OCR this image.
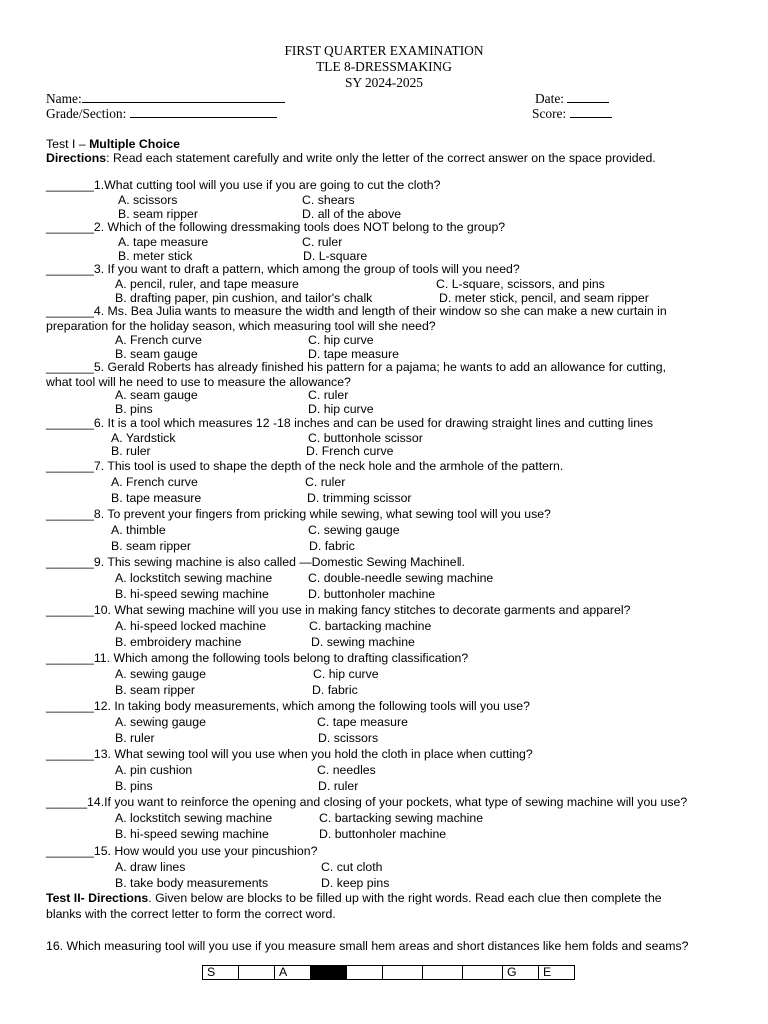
FIRST QUARTER EXAMINATION
TLE 8-DRESSMAKING
SY 2024-2025
Name:	Date:
Grade/Section:	Score:
Test I – Multiple Choice
Directions: Read each statement carefully and write only the letter of the correct answer on the space provided.
_______1.What cutting tool will you use if you are going to cut the cloth?
A. scissors
B. seam ripper
C. shears
D. all of the above
_______2. Which of the following dressmaking tools does NOT belong to the group?
A. tape measure
B. meter stick
C. ruler
D. L-square
_______3. If you want to draft a pattern, which among the group of tools will you need?
A. pencil, ruler, and tape measure
B. drafting paper, pin cushion, and tailor's chalk
C. L-square, scissors, and pins
D. meter stick, pencil, and seam ripper
_______4. Ms. Bea Julia wants to measure the width and length of their window so she can make a new curtain in
preparation for the holiday season, which measuring tool will she need?
A. French curve
B. seam gauge
C. hip curve
D. tape measure
_______5. Gerald Roberts has already finished his pattern for a pajama; he wants to add an allowance for cutting,
what tool will he need to use to measure the allowance?
A. seam gauge
B. pins
C. ruler
D. hip curve
_______6. It is a tool which measures 12 -18 inches and can be used for drawing straight lines and cutting lines
A. Yardstick
B. ruler
C. buttonhole scissor
D. French curve
_______7. This tool is used to shape the depth of the neck hole and the armhole of the pattern.
A. French curve
B. tape measure
C. ruler
D. trimming scissor
_______8. To prevent your fingers from pricking while sewing, what sewing tool will you use?
A. thimble
B. seam ripper
C. sewing gauge
D. fabric
_______9. This sewing machine is also called ―Domestic Sewing Machine‖.
A. lockstitch sewing machine
B. hi-speed sewing machine
C. double-needle sewing machine
D. buttonholer machine
_______10. What sewing machine will you use in making fancy stitches to decorate garments and apparel?
A. hi-speed locked machine
B. embroidery machine
C. bartacking machine
D. sewing machine
_______11. Which among the following tools belong to drafting classification?
A. sewing gauge
B. seam ripper
C. hip curve
D. fabric
_______12. In taking body measurements, which among the following tools will you use?
A. sewing gauge
B. ruler
C. tape measure
D. scissors
_______13. What sewing tool will you use when you hold the cloth in place when cutting?
A. pin cushion
B. pins
C. needles
D. ruler
______14.If you want to reinforce the opening and closing of your pockets, what type of sewing machine will you use?
A. lockstitch sewing machine
B. hi-speed sewing machine
C. bartacking sewing machine
D. buttonholer machine
_______15. How would you use your pincushion?
A. draw lines
B. take body measurements
C. cut cloth
D. keep pins
Test II- Directions. Given below are blocks to be filled up with the right words. Read each clue then complete the
blanks with the correct letter to form the correct word.
16. Which measuring tool will you use if you measure small hem areas and short distances like hem folds and seams?
S		A						G	E
